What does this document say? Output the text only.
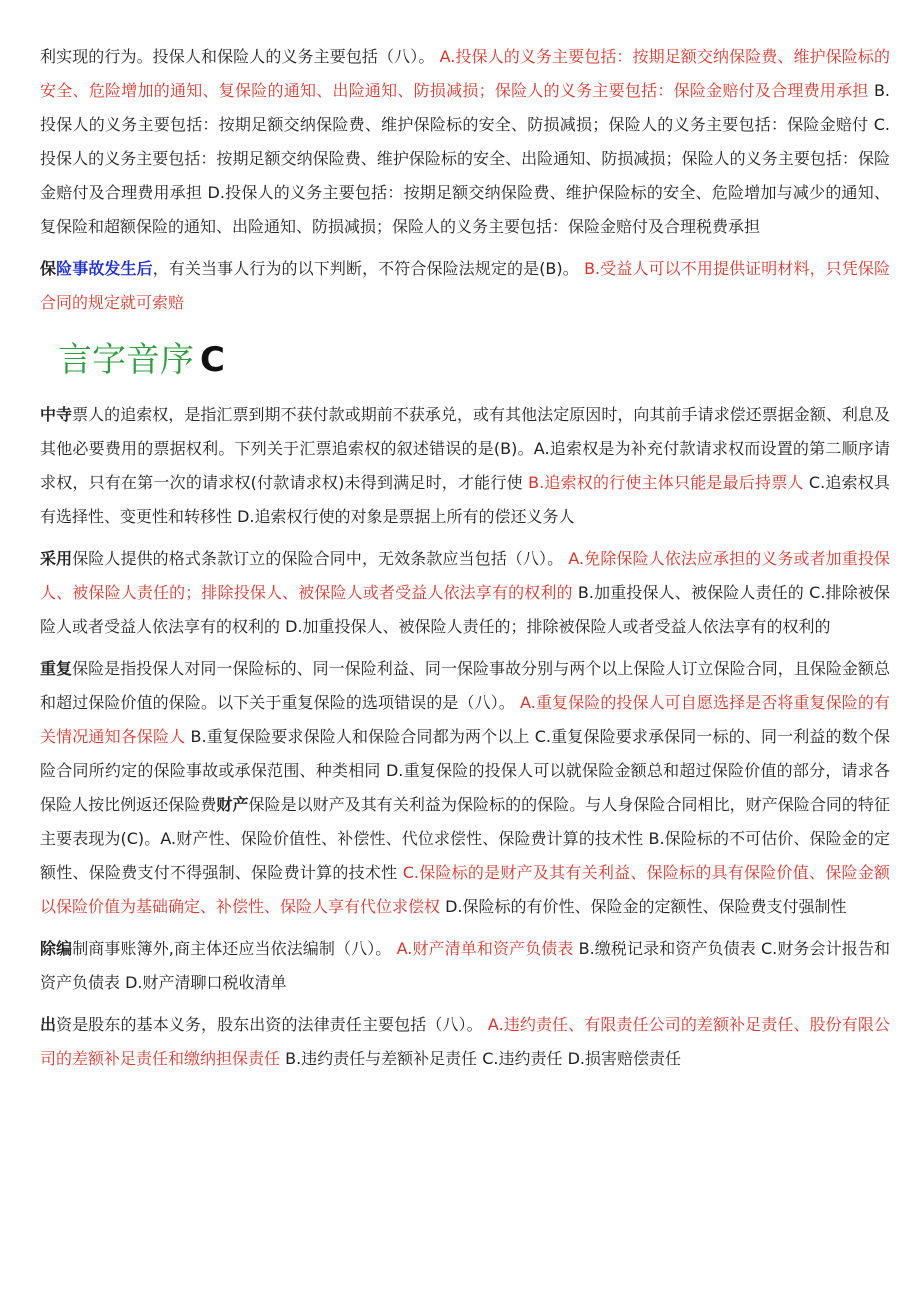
利实现的行为。投保人和保险人的义务主要包括（八）。 A.投保人的义务主要包括：按期足额交纳保险费、维护保险标的安全、危险增加的通知、复保险的通知、出险通知、防损减损；保险人的义务主要包括：保险金赔付及合理费用承担 B.投保人的义务主要包括：按期足额交纳保险费、维护保险标的安全、防损减损；保险人的义务主要包括：保险金赔付 C.投保人的义务主要包括：按期足额交纳保险费、维护保险标的安全、出险通知、防损减损；保险人的义务主要包括：保险金赔付及合理费用承担 D.投保人的义务主要包括：按期足额交纳保险费、维护保险标的安全、危险增加与减少的通知、复保险和超额保险的通知、出险通知、防损减损；保险人的义务主要包括：保险金赔付及合理税费承担

保险事故发生后，有关当事人行为的以下判断，不符合保险法规定的是(B)。 B.受益人可以不用提供证明材料，只凭保险合同的规定就可索赔

言字音序 C

中寺票人的追索权，是指汇票到期不获付款或期前不获承兑，或有其他法定原因时，向其前手请求偿还票据金额、利息及其他必要费用的票据权利。下列关于汇票追索权的叙述错误的是(B)。A.追索权是为补充付款请求权而设置的第二顺序请求权，只有在第一次的请求权(付款请求权)未得到满足时，才能行使 B.追索权的行使主体只能是最后持票人 C.追索权具有选择性、变更性和转移性 D.追索权行使的对象是票据上所有的偿还义务人

采用保险人提供的格式条款订立的保险合同中，无效条款应当包括（八）。 A.免除保险人依法应承担的义务或者加重投保人、被保险人责任的；排除投保人、被保险人或者受益人依法享有的权利的 B.加重投保人、被保险人责任的 C.排除被保险人或者受益人依法享有的权利的 D.加重投保人、被保险人责任的；排除被保险人或者受益人依法享有的权利的

重复保险是指投保人对同一保险标的、同一保险利益、同一保险事故分别与两个以上保险人订立保险合同，且保险金额总和超过保险价值的保险。以下关于重复保险的选项错误的是（八）。 A.重复保险的投保人可自愿选择是否将重复保险的有关情况通知各保险人 B.重复保险要求保险人和保险合同都为两个以上 C.重复保险要求承保同一标的、同一利益的数个保险合同所约定的保险事故或承保范围、种类相同 D.重复保险的投保人可以就保险金额总和超过保险价值的部分，请求各保险人按比例返还保险费财产保险是以财产及其有关利益为保险标的的保险。与人身保险合同相比，财产保险合同的特征主要表现为(C)。A.财产性、保险价值性、补偿性、代位求偿性、保险费计算的技术性 B.保险标的不可估价、保险金的定额性、保险费支付不得强制、保险费计算的技术性 C.保险标的是财产及其有关利益、保险标的具有保险价值、保险金额以保险价值为基础确定、补偿性、保险人享有代位求偿权 D.保险标的有价性、保险金的定额性、保险费支付强制性

除编制商事账簿外,商主体还应当依法编制（八）。 A.财产清单和资产负债表 B.缴税记录和资产负债表 C.财务会计报告和资产负债表 D.财产清聊口税收清单

出资是股东的基本义务，股东出资的法律责任主要包括（八）。 A.违约责任、有限责任公司的差额补足责任、股份有限公司的差额补足责任和缴纳担保责任 B.违约责任与差额补足责任 C.违约责任 D.损害赔偿责任
